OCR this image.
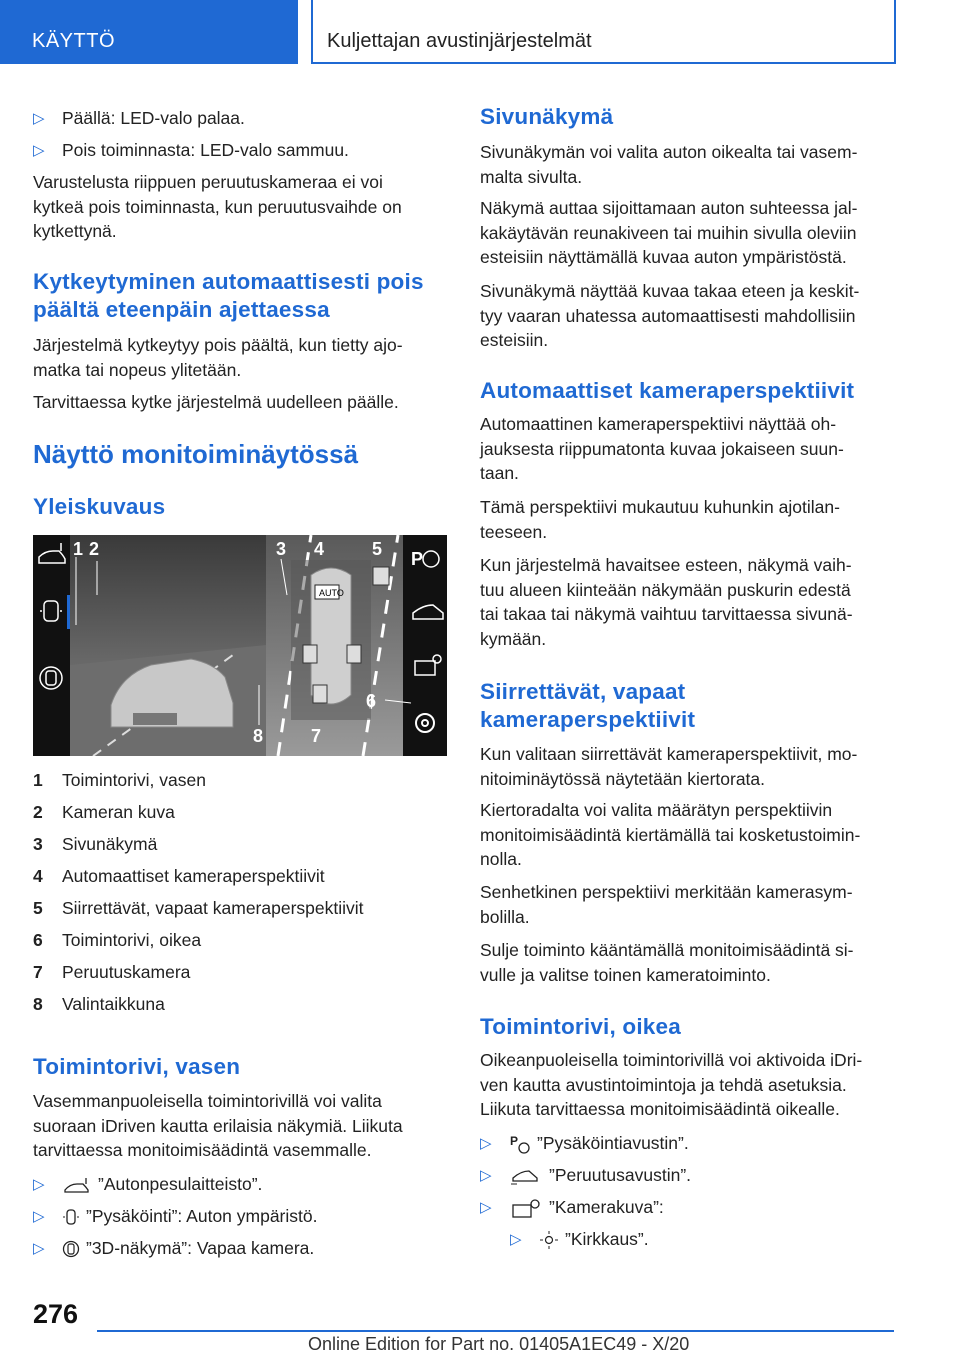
KÄYTTÖ	Kuljettajan avustinjärjestelmät
▷ Päällä: LED-valo palaa.
▷ Pois toiminnasta: LED-valo sammuu.
Varustelusta riippuen peruutuskameraa ei voi
kytkeä pois toiminnasta, kun peruutusvaihde on
kytkettynä.
Kytkeytyminen automaattisesti pois
päältä eteenpäin ajettaessa
Järjestelmä kytkeytyy pois päältä, kun tietty ajo-
matka tai nopeus ylitetään.
Tarvittaessa kytke järjestelmä uudelleen päälle.
Näyttö monitoiminäytössä
Yleiskuvaus
AUTO
P
1 2	3 4	5
6
7
8
1	Toimintorivi, vasen
2	Kameran kuva
3	Sivunäkymä
4	Automaattiset kameraperspektiivit
5	Siirrettävät, vapaat kameraperspektiivit
6	Toimintorivi, oikea
7	Peruutuskamera
8	Valintaikkuna
Toimintorivi, vasen
Vasemmanpuoleisella toimintorivillä voi valita
suoraan iDriven kautta erilaisia näkymiä. Liikuta
tarvittaessa monitoimisäädintä vasemmalle.
▷	”Autonpesulaitteisto”.
▷	”Pysäköinti”: Auton ympäristö.
▷	”3D-näkymä”: Vapaa kamera.
Sivunäkymä
Sivunäkymän voi valita auton oikealta tai vasem-
malta sivulta.
Näkymä auttaa sijoittamaan auton suhteessa jal-
kakäytävän reunakiveen tai muihin sivulla oleviin
esteisiin näyttämällä kuvaa auton ympäristöstä.
Sivunäkymä näyttää kuvaa takaa eteen ja keskit-
tyy vaaran uhatessa automaattisesti mahdollisiin
esteisiin.
Automaattiset kameraperspektiivit
Automaattinen kameraperspektiivi näyttää oh-
jauksesta riippumatonta kuvaa jokaiseen suun-
taan.
Tämä perspektiivi mukautuu kuhunkin ajotilan-
teeseen.
Kun järjestelmä havaitsee esteen, näkymä vaih-
tuu alueen kiinteään näkymään puskurin edestä
tai takaa tai näkymä vaihtuu tarvittaessa sivunä-
kymään.
Siirrettävät, vapaat
kameraperspektiivit
Kun valitaan siirrettävät kameraperspektiivit, mo-
nitoiminäytössä näytetään kiertorata.
Kiertoradalta voi valita määrätyn perspektiivin
monitoimisäädintä kiertämällä tai kosketustoimin-
nolla.
Senhetkinen perspektiivi merkitään kamerasym-
bolilla.
Sulje toiminto kääntämällä monitoimisäädintä si-
vulle ja valitse toinen kameratoiminto.
Toimintorivi, oikea
Oikeanpuoleisella toimintorivillä voi aktivoida iDri-
ven kautta avustintoimintoja ja tehdä asetuksia.
Liikuta tarvittaessa monitoimisäädintä oikealle.
▷ P ”Pysäköintiavustin”.
▷	”Peruutusavustin”.
▷	”Kamerakuva”:
▷	”Kirkkaus”.
276
Online Edition for Part no. 01405A1EC49 - X/20
